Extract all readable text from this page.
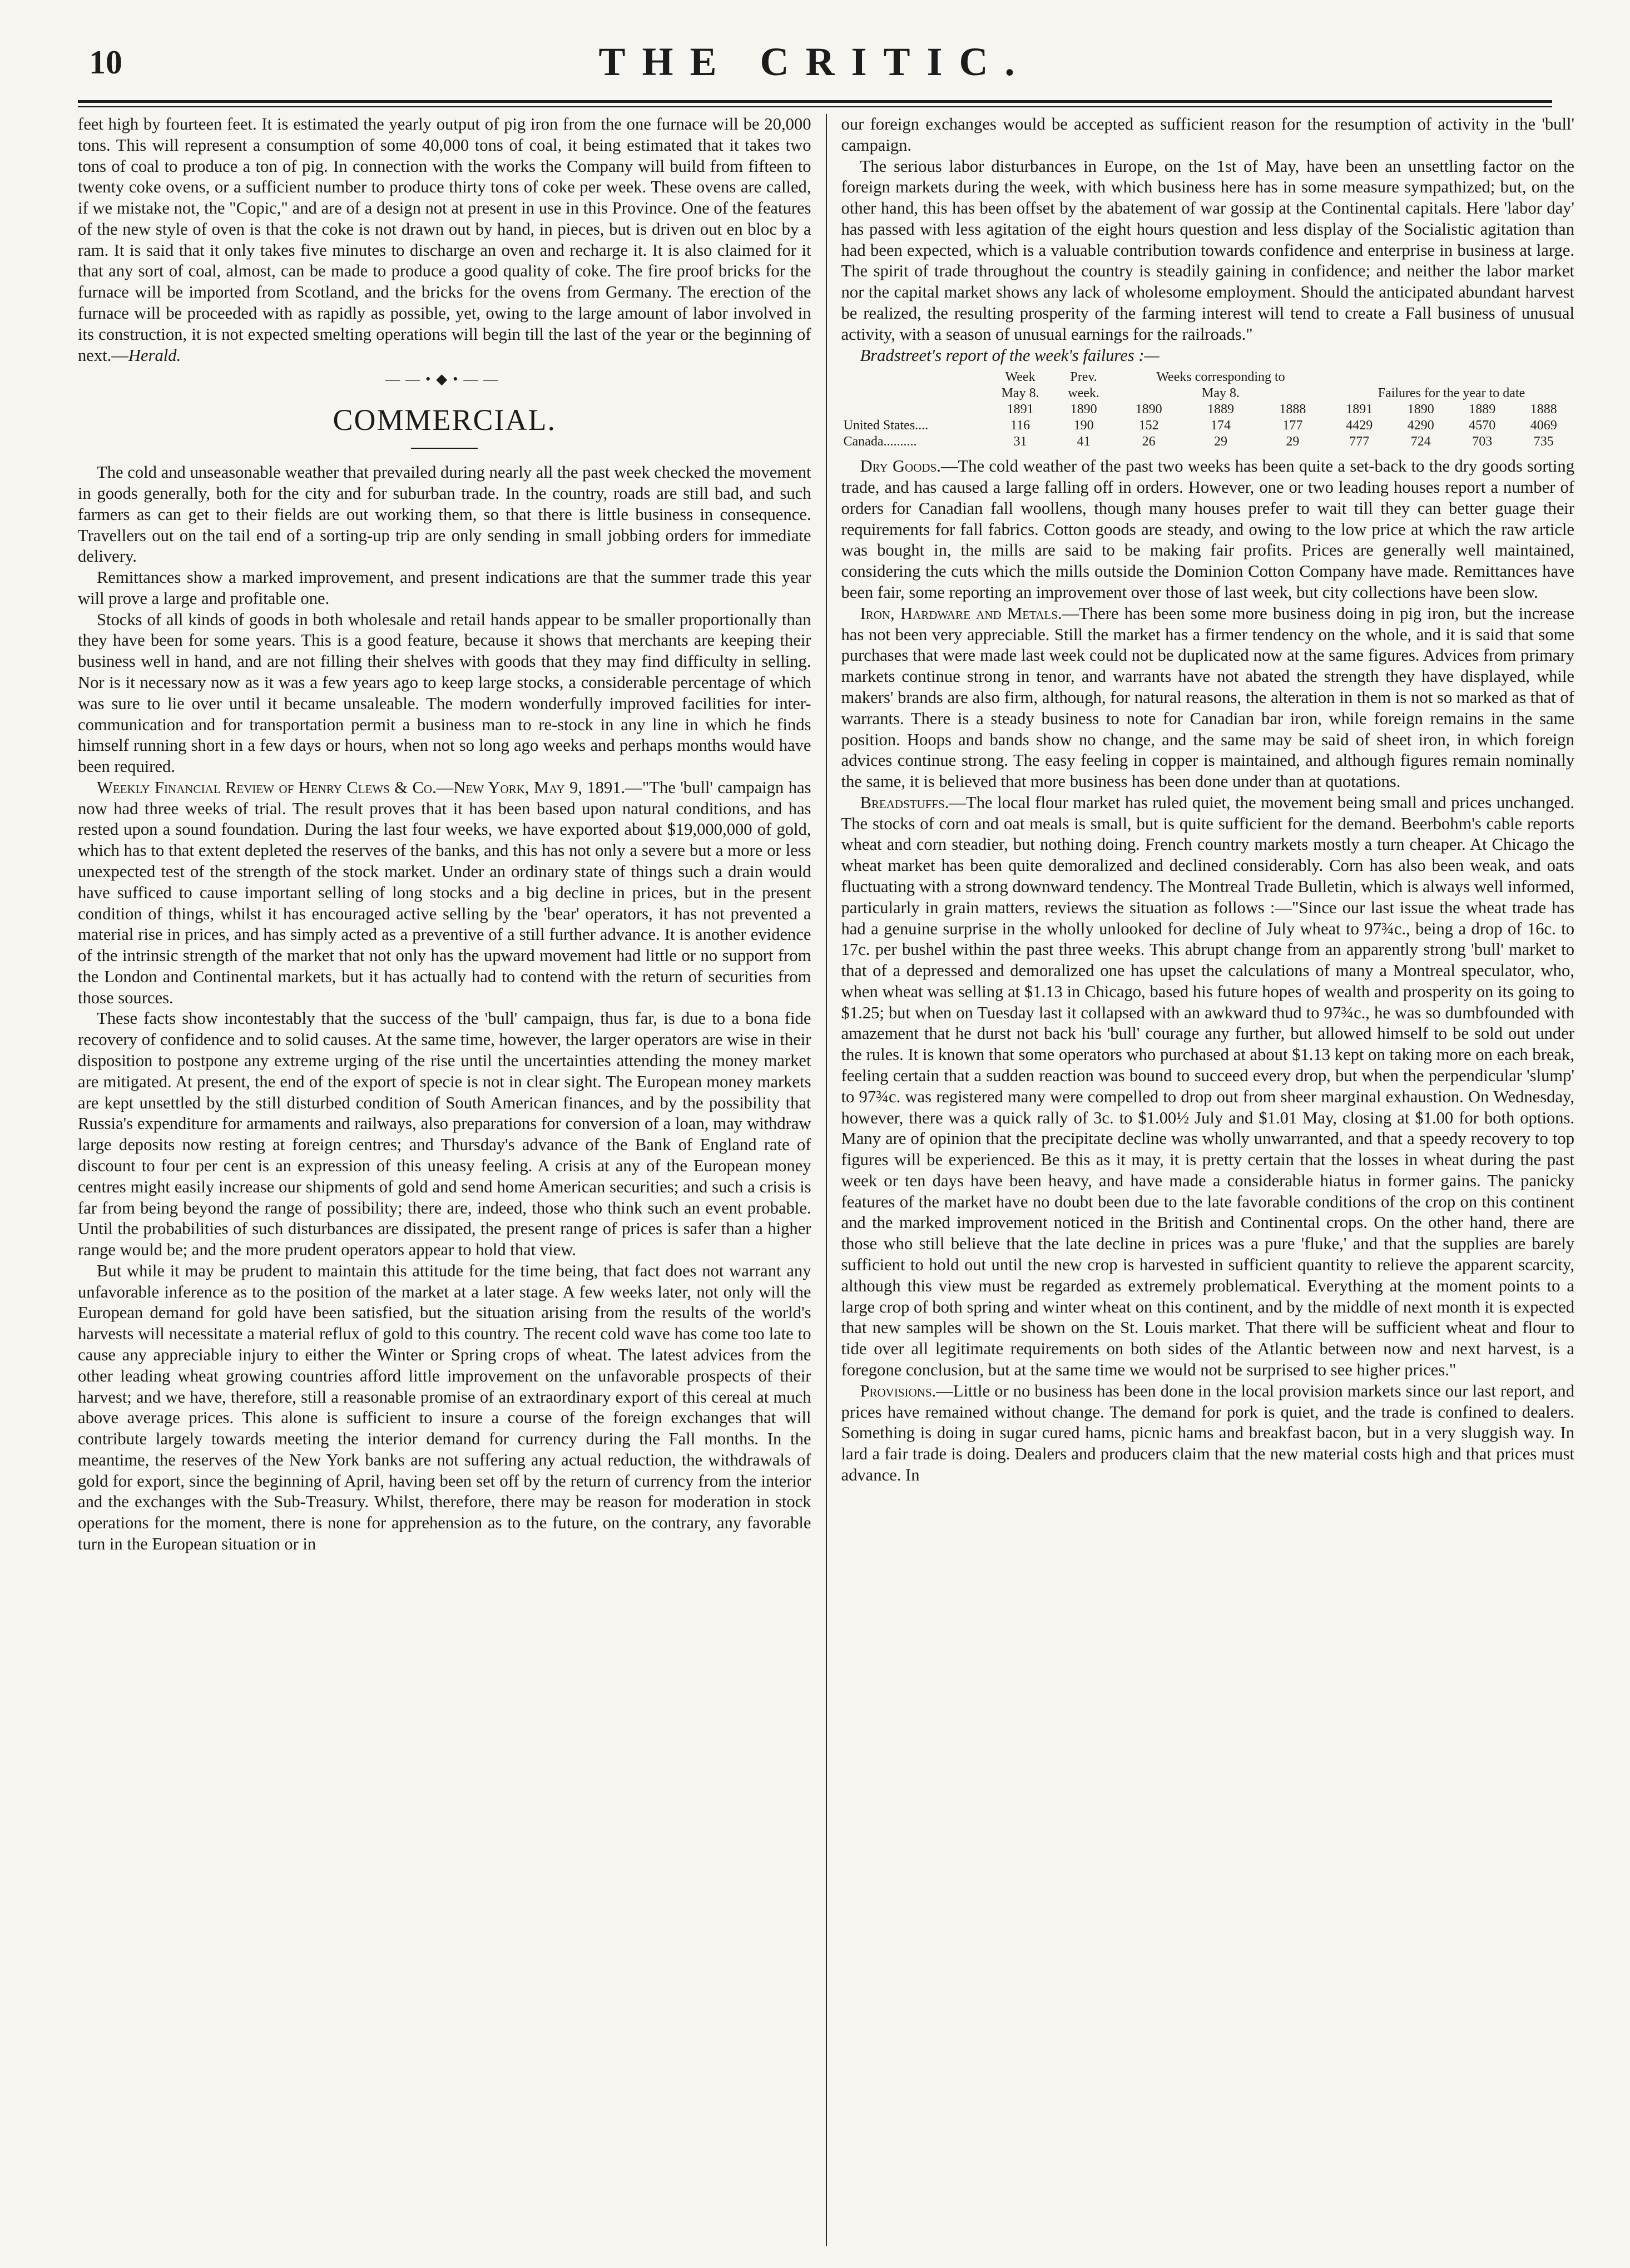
10	THE CRITIC.

feet high by fourteen feet. It is estimated the yearly output of pig iron from the one furnace will be 20,000 tons. This will represent a consumption of some 40,000 tons of coal, it being estimated that it takes two tons of coal to produce a ton of pig. In connection with the works the Company will build from fifteen to twenty coke ovens, or a sufficient number to produce thirty tons of coke per week. These ovens are called, if we mistake not, the "Copic," and are of a design not at present in use in this Province. One of the features of the new style of oven is that the coke is not drawn out by hand, in pieces, but is driven out en bloc by a ram. It is said that it only takes five minutes to discharge an oven and recharge it. It is also claimed for it that any sort of coal, almost, can be made to produce a good quality of coke. The fire proof bricks for the furnace will be imported from Scotland, and the bricks for the ovens from Germany. The erection of the furnace will be proceeded with as rapidly as possible, yet, owing to the large amount of labor involved in its construction, it is not expected smelting operations will begin till the last of the year or the beginning of next.—Herald.

——•◆•——
COMMERCIAL.

The cold and unseasonable weather that prevailed during nearly all the past week checked the movement in goods generally, both for the city and for suburban trade. In the country, roads are still bad, and such farmers as can get to their fields are out working them, so that there is little business in consequence. Travellers out on the tail end of a sorting-up trip are only sending in small jobbing orders for immediate delivery.

Remittances show a marked improvement, and present indications are that the summer trade this year will prove a large and profitable one.

Stocks of all kinds of goods in both wholesale and retail hands appear to be smaller proportionally than they have been for some years. This is a good feature, because it shows that merchants are keeping their business well in hand, and are not filling their shelves with goods that they may find difficulty in selling. Nor is it necessary now as it was a few years ago to keep large stocks, a considerable percentage of which was sure to lie over until it became unsaleable. The modern wonderfully improved facilities for inter-communication and for transportation permit a business man to re-stock in any line in which he finds himself running short in a few days or hours, when not so long ago weeks and perhaps months would have been required.

Weekly Financial Review of Henry Clews & Co.—New York, May 9, 1891.—"The 'bull' campaign has now had three weeks of trial. The result proves that it has been based upon natural conditions, and has rested upon a sound foundation. During the last four weeks, we have exported about $19,000,000 of gold, which has to that extent depleted the reserves of the banks, and this has not only a severe but a more or less unexpected test of the strength of the stock market. Under an ordinary state of things such a drain would have sufficed to cause important selling of long stocks and a big decline in prices, but in the present condition of things, whilst it has encouraged active selling by the 'bear' operators, it has not prevented a material rise in prices, and has simply acted as a preventive of a still further advance. It is another evidence of the intrinsic strength of the market that not only has the upward movement had little or no support from the London and Continental markets, but it has actually had to contend with the return of securities from those sources.

These facts show incontestably that the success of the 'bull' campaign, thus far, is due to a bona fide recovery of confidence and to solid causes. At the same time, however, the larger operators are wise in their disposition to postpone any extreme urging of the rise until the uncertainties attending the money market are mitigated. At present, the end of the export of specie is not in clear sight. The European money markets are kept unsettled by the still disturbed condition of South American finances, and by the possibility that Russia's expenditure for armaments and railways, also preparations for conversion of a loan, may withdraw large deposits now resting at foreign centres; and Thursday's advance of the Bank of England rate of discount to four per cent is an expression of this uneasy feeling. A crisis at any of the European money centres might easily increase our shipments of gold and send home American securities; and such a crisis is far from being beyond the range of possibility; there are, indeed, those who think such an event probable. Until the probabilities of such disturbances are dissipated, the present range of prices is safer than a higher range would be; and the more prudent operators appear to hold that view.

But while it may be prudent to maintain this attitude for the time being, that fact does not warrant any unfavorable inference as to the position of the market at a later stage. A few weeks later, not only will the European demand for gold have been satisfied, but the situation arising from the results of the world's harvests will necessitate a material reflux of gold to this country. The recent cold wave has come too late to cause any appreciable injury to either the Winter or Spring crops of wheat. The latest advices from the other leading wheat growing countries afford little improvement on the unfavorable prospects of their harvest; and we have, therefore, still a reasonable promise of an extraordinary export of this cereal at much above average prices. This alone is sufficient to insure a course of the foreign exchanges that will contribute largely towards meeting the interior demand for currency during the Fall months. In the meantime, the reserves of the New York banks are not suffering any actual reduction, the withdrawals of gold for export, since the beginning of April, having been set off by the return of currency from the interior and the exchanges with the Sub-Treasury. Whilst, therefore, there may be reason for moderation in stock operations for the moment, there is none for apprehension as to the future, on the contrary, any favorable turn in the European situation or in

our foreign exchanges would be accepted as sufficient reason for the resumption of activity in the 'bull' campaign.

The serious labor disturbances in Europe, on the 1st of May, have been an unsettling factor on the foreign markets during the week, with which business here has in some measure sympathized; but, on the other hand, this has been offset by the abatement of war gossip at the Continental capitals. Here 'labor day' has passed with less agitation of the eight hours question and less display of the Socialistic agitation than had been expected, which is a valuable contribution towards confidence and enterprise in business at large. The spirit of trade throughout the country is steadily gaining in confidence; and neither the labor market nor the capital market shows any lack of wholesome employment. Should the anticipated abundant harvest be realized, the resulting prosperity of the farming interest will tend to create a Fall business of unusual activity, with a season of unusual earnings for the railroads."

Bradstreet's report of the week's failures :—

	Week	Prev.	Weeks corresponding to						
	May 8.	week.	May 8.			Failures for the year to date			
	1891	1890	1890	1889	1888	1891	1890	1889	1888
United States....	116	190	152	174	177	4429	4290	4570	4069
Canada..........	31	41	26	29	29	777	724	703	735

Dry Goods.—The cold weather of the past two weeks has been quite a set-back to the dry goods sorting trade, and has caused a large falling off in orders. However, one or two leading houses report a number of orders for Canadian fall woollens, though many houses prefer to wait till they can better guage their requirements for fall fabrics. Cotton goods are steady, and owing to the low price at which the raw article was bought in, the mills are said to be making fair profits. Prices are generally well maintained, considering the cuts which the mills outside the Dominion Cotton Company have made. Remittances have been fair, some reporting an improvement over those of last week, but city collections have been slow.

Iron, Hardware and Metals.—There has been some more business doing in pig iron, but the increase has not been very appreciable. Still the market has a firmer tendency on the whole, and it is said that some purchases that were made last week could not be duplicated now at the same figures. Advices from primary markets continue strong in tenor, and warrants have not abated the strength they have displayed, while makers' brands are also firm, although, for natural reasons, the alteration in them is not so marked as that of warrants. There is a steady business to note for Canadian bar iron, while foreign remains in the same position. Hoops and bands show no change, and the same may be said of sheet iron, in which foreign advices continue strong. The easy feeling in copper is maintained, and although figures remain nominally the same, it is believed that more business has been done under than at quotations.

Breadstuffs.—The local flour market has ruled quiet, the movement being small and prices unchanged. The stocks of corn and oat meals is small, but is quite sufficient for the demand. Beerbohm's cable reports wheat and corn steadier, but nothing doing. French country markets mostly a turn cheaper. At Chicago the wheat market has been quite demoralized and declined considerably. Corn has also been weak, and oats fluctuating with a strong downward tendency. The Montreal Trade Bulletin, which is always well informed, particularly in grain matters, reviews the situation as follows :—"Since our last issue the wheat trade has had a genuine surprise in the wholly unlooked for decline of July wheat to 97¾c., being a drop of 16c. to 17c. per bushel within the past three weeks. This abrupt change from an apparently strong 'bull' market to that of a depressed and demoralized one has upset the calculations of many a Montreal speculator, who, when wheat was selling at $1.13 in Chicago, based his future hopes of wealth and prosperity on its going to $1.25; but when on Tuesday last it collapsed with an awkward thud to 97¾c., he was so dumbfounded with amazement that he durst not back his 'bull' courage any further, but allowed himself to be sold out under the rules. It is known that some operators who purchased at about $1.13 kept on taking more on each break, feeling certain that a sudden reaction was bound to succeed every drop, but when the perpendicular 'slump' to 97¾c. was registered many were compelled to drop out from sheer marginal exhaustion. On Wednesday, however, there was a quick rally of 3c. to $1.00½ July and $1.01 May, closing at $1.00 for both options. Many are of opinion that the precipitate decline was wholly unwarranted, and that a speedy recovery to top figures will be experienced. Be this as it may, it is pretty certain that the losses in wheat during the past week or ten days have been heavy, and have made a considerable hiatus in former gains. The panicky features of the market have no doubt been due to the late favorable conditions of the crop on this continent and the marked improvement noticed in the British and Continental crops. On the other hand, there are those who still believe that the late decline in prices was a pure 'fluke,' and that the supplies are barely sufficient to hold out until the new crop is harvested in sufficient quantity to relieve the apparent scarcity, although this view must be regarded as extremely problematical. Everything at the moment points to a large crop of both spring and winter wheat on this continent, and by the middle of next month it is expected that new samples will be shown on the St. Louis market. That there will be sufficient wheat and flour to tide over all legitimate requirements on both sides of the Atlantic between now and next harvest, is a foregone conclusion, but at the same time we would not be surprised to see higher prices."

Provisions.—Little or no business has been done in the local provision markets since our last report, and prices have remained without change. The demand for pork is quiet, and the trade is confined to dealers. Something is doing in sugar cured hams, picnic hams and breakfast bacon, but in a very sluggish way. In lard a fair trade is doing. Dealers and producers claim that the new material costs high and that prices must advance. In
